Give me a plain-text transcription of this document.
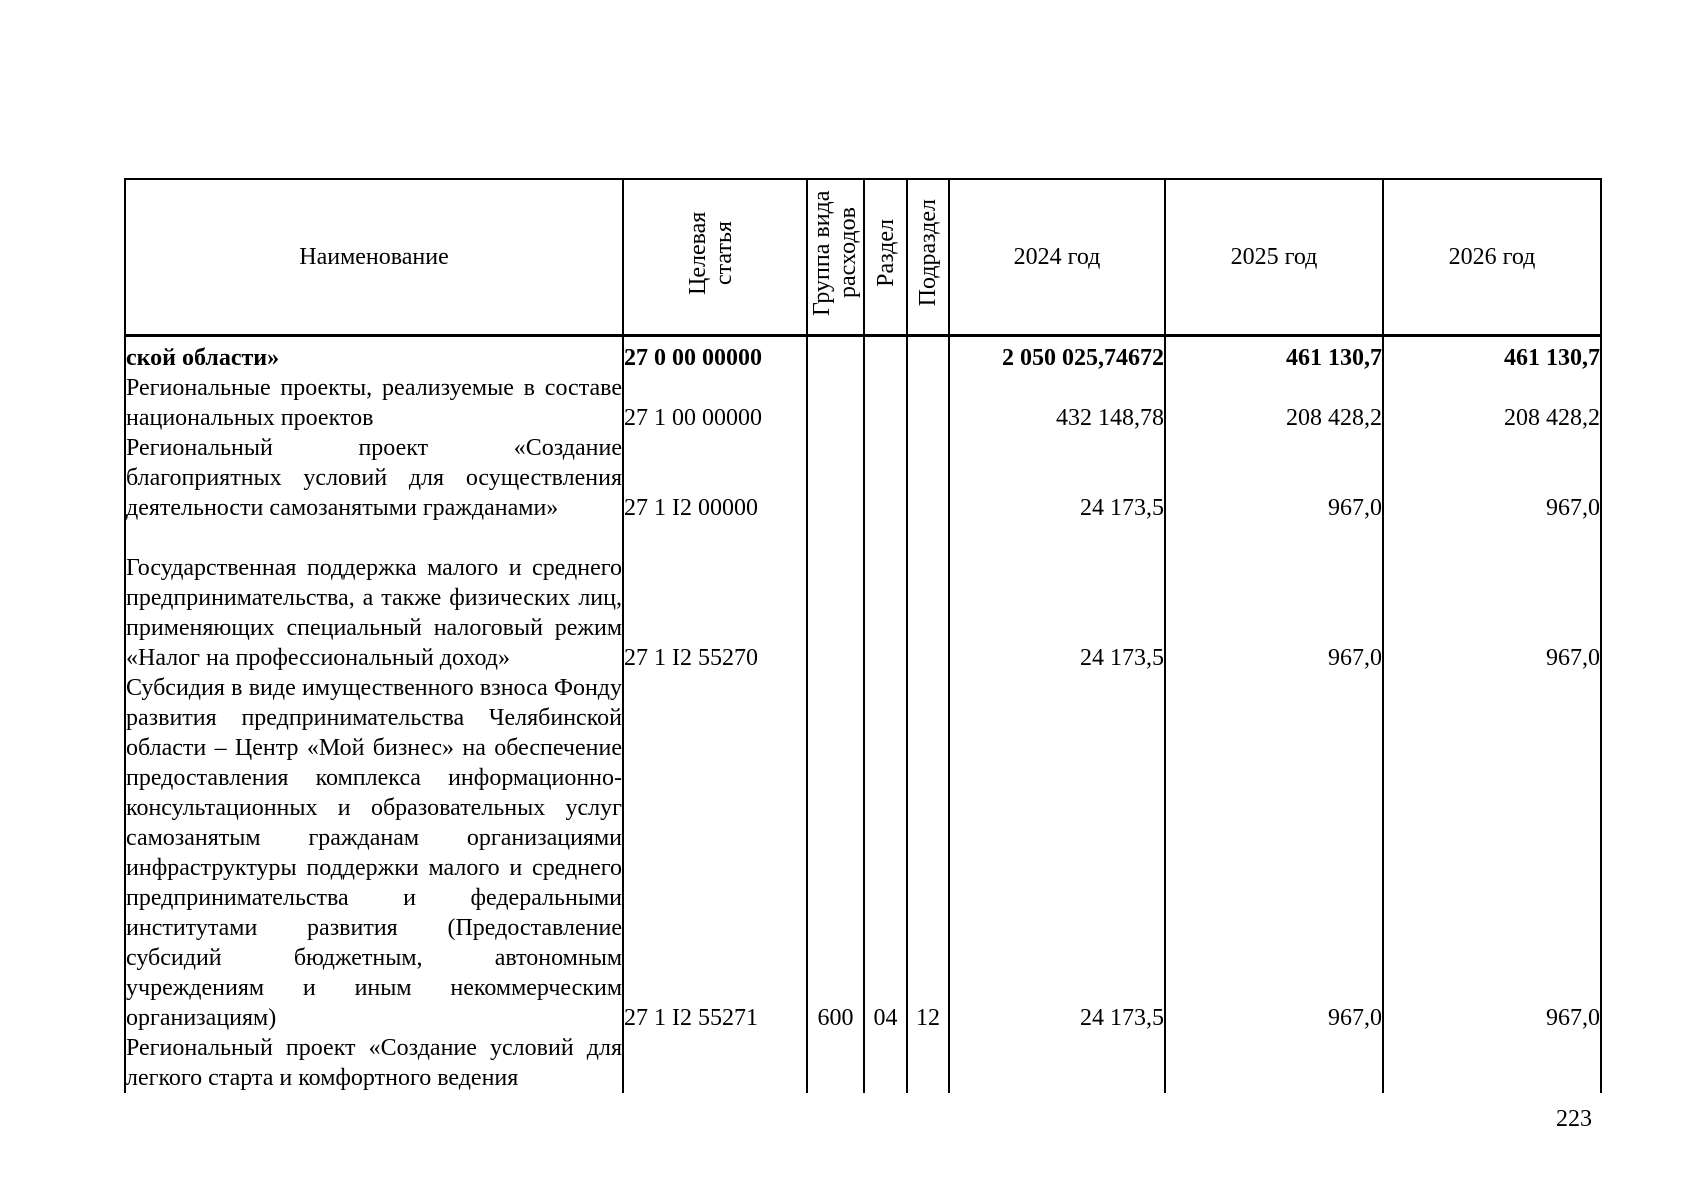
Наименование	Целевая статья	Группа вида расходов	Раздел	Подраздел	2024 год	2025 год	2026 год
ской области»	27 0 00 00000				2 050 025,74672	461 130,7	461 130,7
Региональные проекты, реализуемые в составе национальных проектов	27 1 00 00000				432 148,78	208 428,2	208 428,2
Региональный проект «Создание благоприятных условий для осуществления деятельности самозанятыми гражданами»	27 1 I2 00000				24 173,5	967,0	967,0
Государственная поддержка малого и среднего предпринимательства, а также физических лиц, применяющих специальный налоговый режим «Налог на профессиональный доход»	27 1 I2 55270				24 173,5	967,0	967,0
Субсидия в виде имущественного взноса Фонду развития предпринимательства Челябинской области – Центр «Мой бизнес» на обеспечение предоставления комплекса информационно-консультационных и образовательных услуг самозанятым гражданам организациями инфраструктуры поддержки малого и среднего предпринимательства и федеральными институтами развития (Предоставление субсидий бюджетным, автономным учреждениям и иным некоммерческим организациям)	27 1 I2 55271	600	04	12	24 173,5	967,0	967,0
Региональный проект «Создание условий для легкого старта и комфортного ведения							
223
